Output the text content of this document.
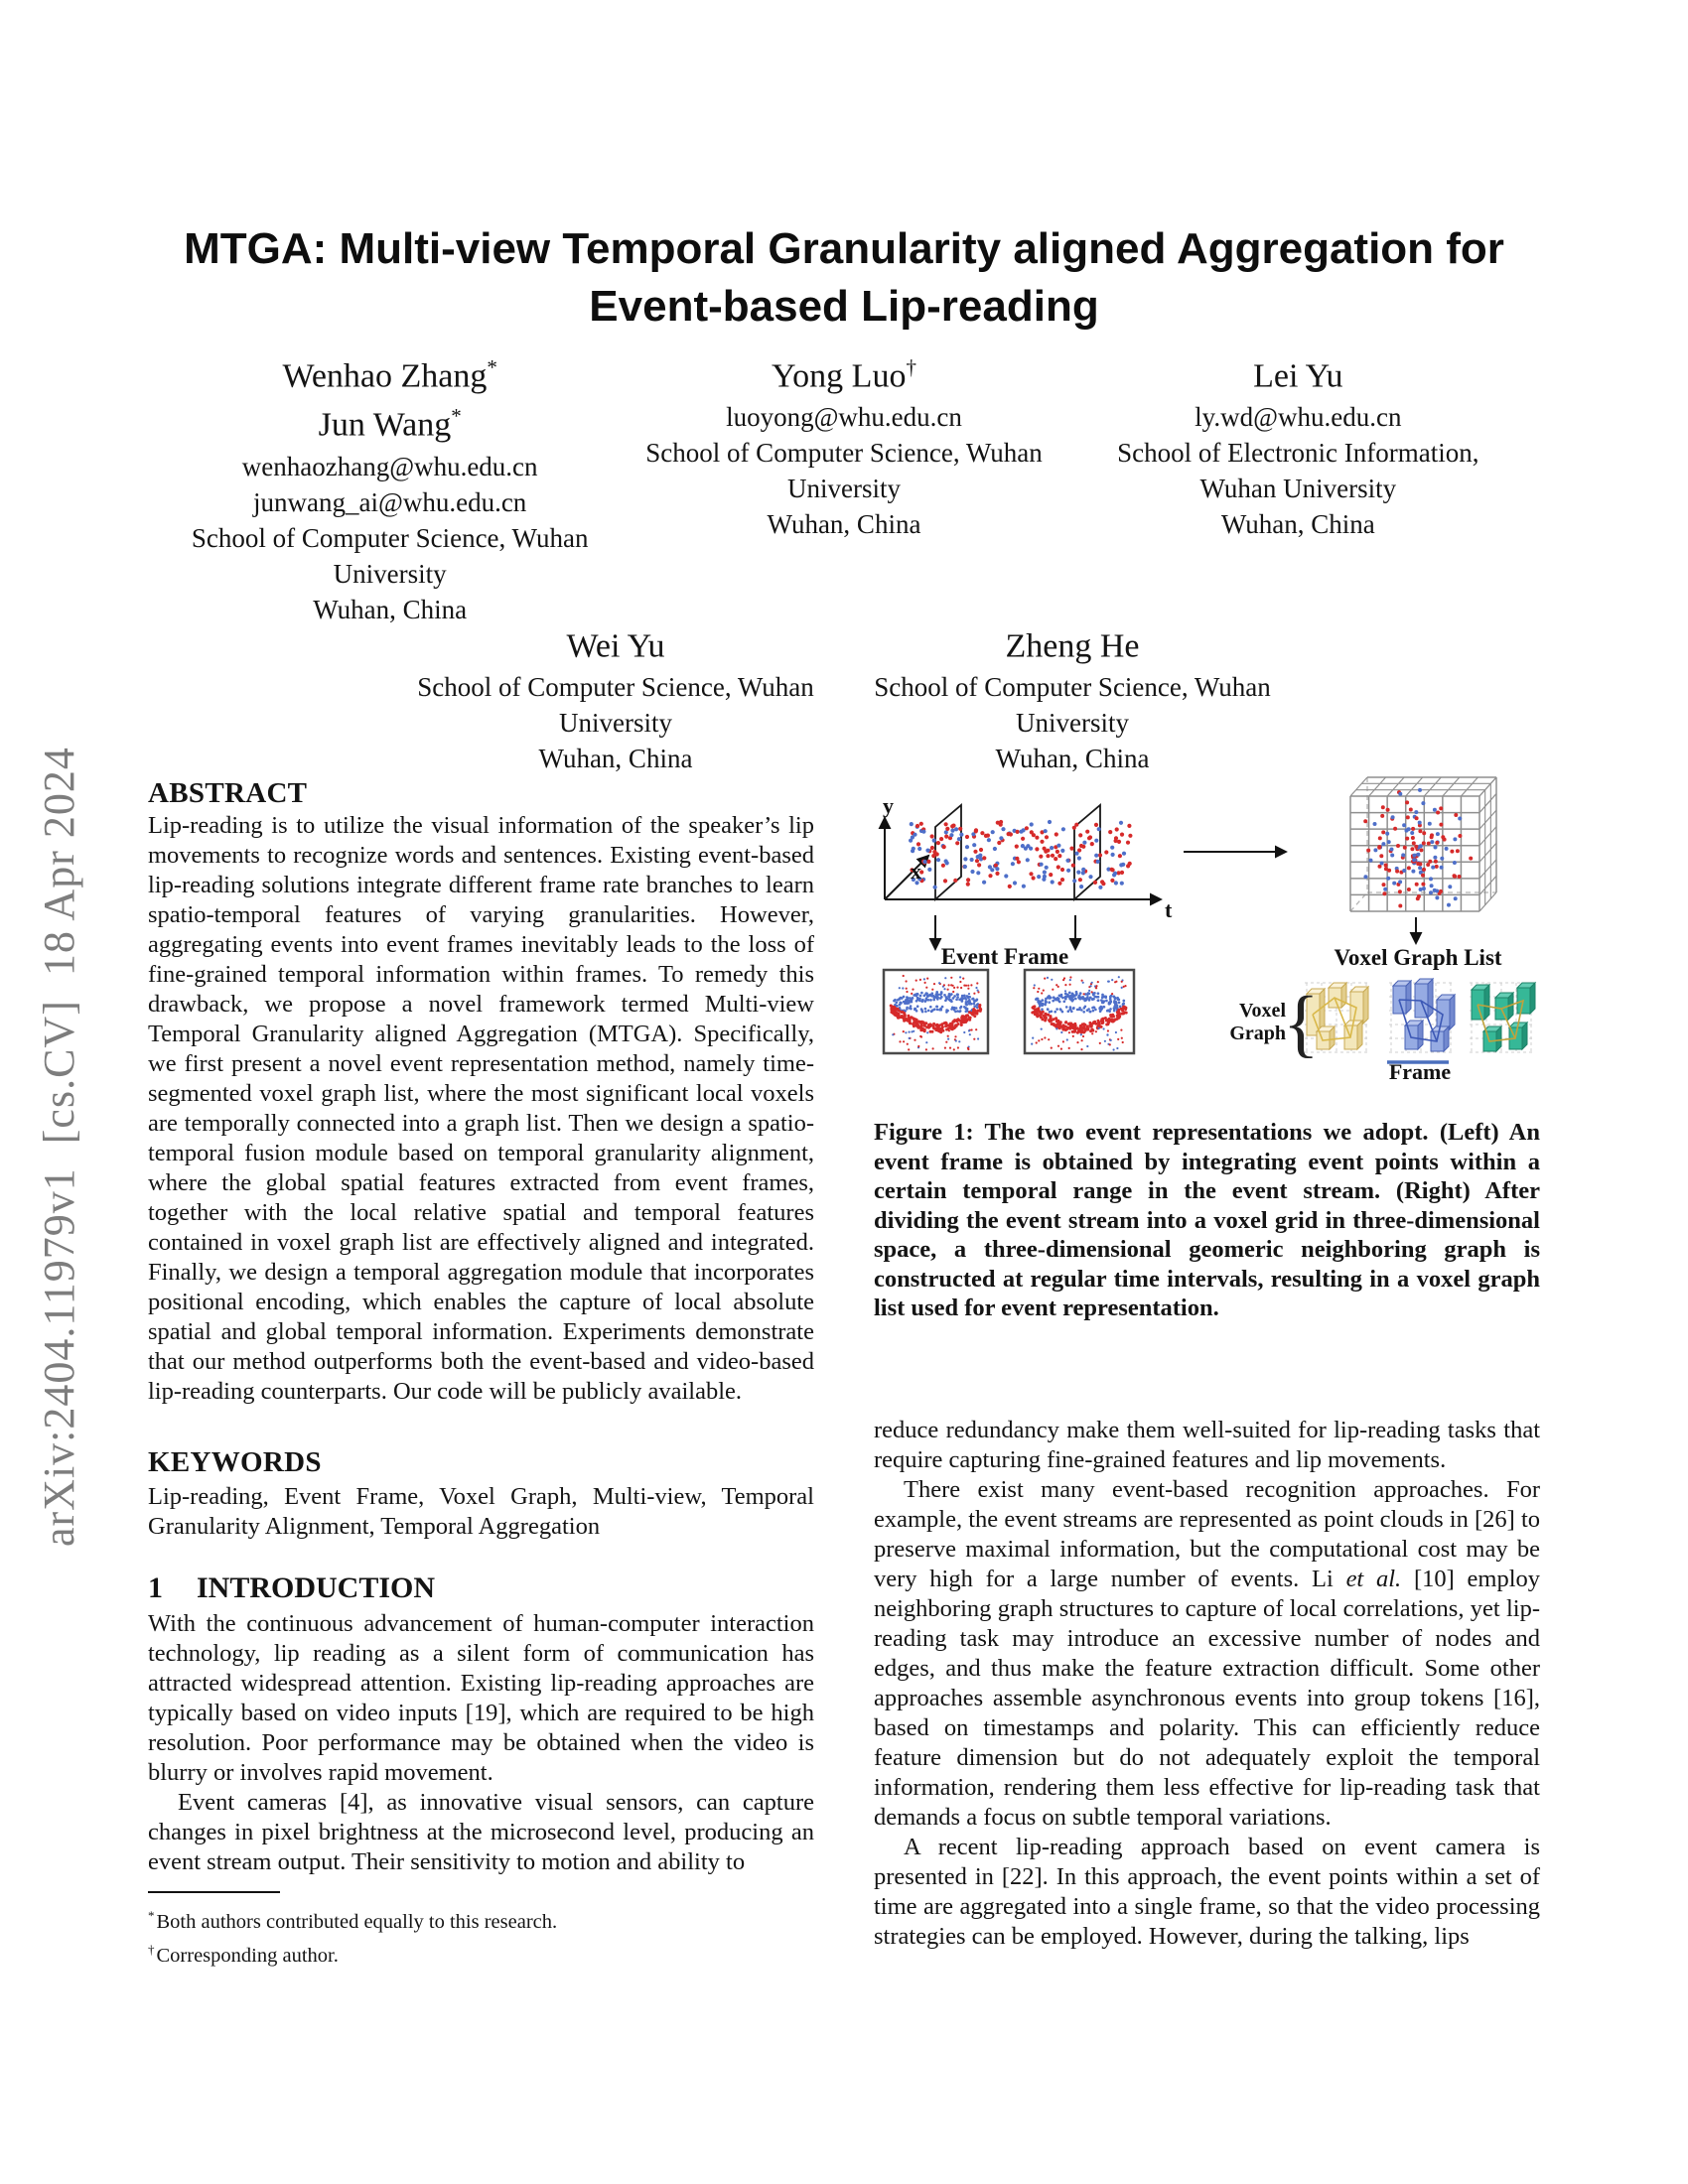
arXiv:2404.11979v1  [cs.CV]  18 Apr 2024
MTGA: Multi-view Temporal Granularity aligned Aggregation for
Event-based Lip-reading
Wenhao Zhang*
Jun Wang*
wenhaozhang@whu.edu.cn
junwang_ai@whu.edu.cn
School of Computer Science, Wuhan
University
Wuhan, China
Yong Luo†
luoyong@whu.edu.cn
School of Computer Science, Wuhan
University
Wuhan, China
Lei Yu
ly.wd@whu.edu.cn
School of Electronic Information,
Wuhan University
Wuhan, China
Wei Yu
School of Computer Science, Wuhan
University
Wuhan, China
Zheng He
School of Computer Science, Wuhan
University
Wuhan, China
ABSTRACT
Lip-reading is to utilize the visual information of the speaker’s lip movements to recognize words and sentences. Existing event-based lip-reading solutions integrate different frame rate branches to learn spatio-temporal features of varying granularities. However, aggregating events into event frames inevitably leads to the loss of fine-grained temporal information within frames. To remedy this drawback, we propose a novel framework termed Multi-view Temporal Granularity aligned Aggregation (MTGA). Specifically, we first present a novel event representation method, namely time-segmented voxel graph list, where the most significant local voxels are temporally connected into a graph list. Then we design a spatio-temporal fusion module based on temporal granularity alignment, where the global spatial features extracted from event frames, together with the local relative spatial and temporal features contained in voxel graph list are effectively aligned and integrated. Finally, we design a temporal aggregation module that incorporates positional encoding, which enables the capture of local absolute spatial and global temporal information. Experiments demonstrate that our method outperforms both the event-based and video-based lip-reading counterparts. Our code will be publicly available.
KEYWORDS
Lip-reading, Event Frame, Voxel Graph, Multi-view, Temporal Granularity Alignment, Temporal Aggregation
1 INTRODUCTION

With the continuous advancement of human-computer interaction technology, lip reading as a silent form of communication has attracted widespread attention. Existing lip-reading approaches are typically based on video inputs [19], which are required to be high resolution. Poor performance may be obtained when the video is blurry or involves rapid movement.

Event cameras [4], as innovative visual sensors, can capture changes in pixel brightness at the microsecond level, producing an event stream output. Their sensitivity to motion and ability to

*Both authors contributed equally to this research.
†Corresponding author.
y
x
t
Event Frame	Voxel Graph List
Voxel
Graph
{
Frame

Figure 1: The two event representations we adopt. (Left) An event frame is obtained by integrating event points within a certain temporal range in the event stream. (Right) After dividing the event stream into a voxel grid in three-dimensional space, a three-dimensional geomeric neighboring graph is constructed at regular time intervals, resulting in a voxel graph list used for event representation.

reduce redundancy make them well-suited for lip-reading tasks that require capturing fine-grained features and lip movements.

There exist many event-based recognition approaches. For example, the event streams are represented as point clouds in [26] to preserve maximal information, but the computational cost may be very high for a large number of events. Li et al. [10] employ neighboring graph structures to capture of local correlations, yet lip-reading task may introduce an excessive number of nodes and edges, and thus make the feature extraction difficult. Some other approaches assemble asynchronous events into group tokens [16], based on timestamps and polarity. This can efficiently reduce feature dimension but do not adequately exploit the temporal information, rendering them less effective for lip-reading task that demands a focus on subtle temporal variations.

A recent lip-reading approach based on event camera is presented in [22]. In this approach, the event points within a set of time are aggregated into a single frame, so that the video processing strategies can be employed. However, during the talking, lips
